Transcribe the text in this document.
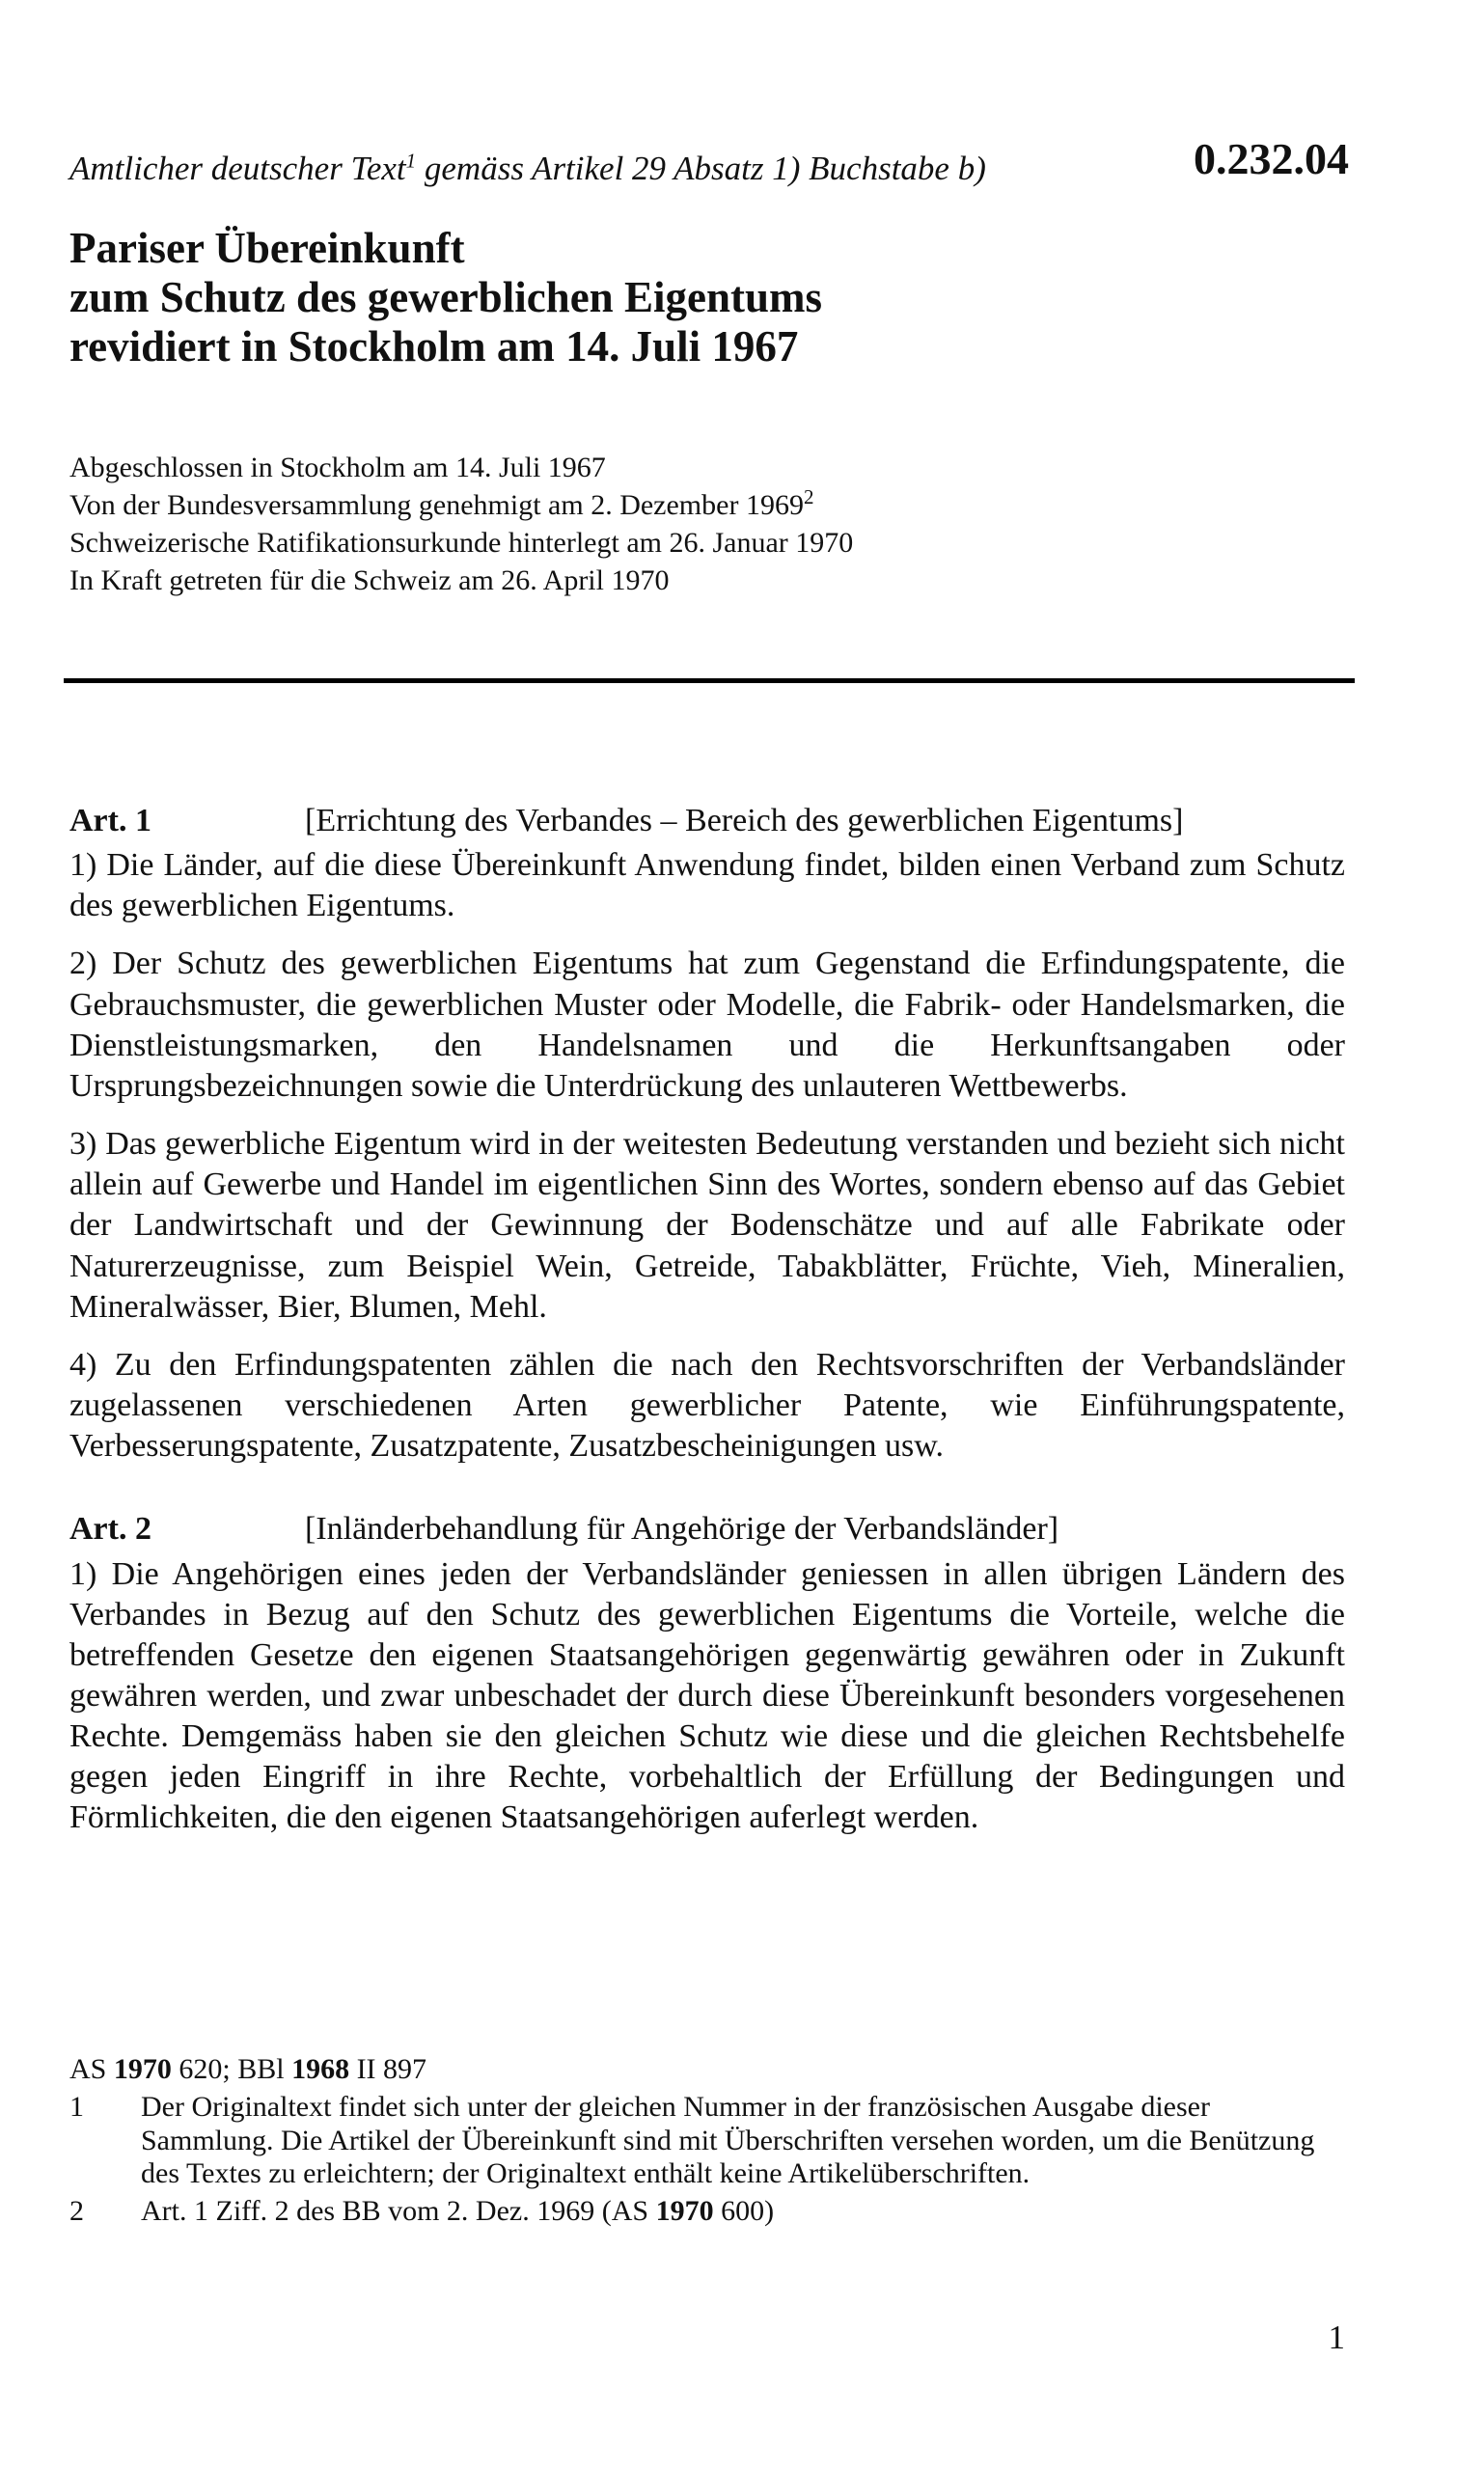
Amtlicher deutscher Text$^1$ gemäss Artikel 29 Absatz 1) Buchstabe b)	0.232.04
Pariser Übereinkunft
zum Schutz des gewerblichen Eigentums
revidiert in Stockholm am 14. Juli 1967
Abgeschlossen in Stockholm am 14. Juli 1967
Von der Bundesversammlung genehmigt am 2. Dezember 1969$^2$
Schweizerische Ratifikationsurkunde hinterlegt am 26. Januar 1970
In Kraft getreten für die Schweiz am 26. April 1970
Art. 1	[Errichtung des Verbandes – Bereich des gewerblichen Eigentums]
1) Die Länder, auf die diese Übereinkunft Anwendung findet, bilden einen Verband zum Schutz des gewerblichen Eigentums.
2) Der Schutz des gewerblichen Eigentums hat zum Gegenstand die Erfindungspatente, die Gebrauchsmuster, die gewerblichen Muster oder Modelle, die Fabrik- oder Handelsmarken, die Dienstleistungsmarken, den Handelsnamen und die Herkunftsangaben oder Ursprungsbezeichnungen sowie die Unterdrückung des unlauteren Wettbewerbs.
3) Das gewerbliche Eigentum wird in der weitesten Bedeutung verstanden und bezieht sich nicht allein auf Gewerbe und Handel im eigentlichen Sinn des Wortes, sondern ebenso auf das Gebiet der Landwirtschaft und der Gewinnung der Bodenschätze und auf alle Fabrikate oder Naturerzeugnisse, zum Beispiel Wein, Getreide, Tabakblätter, Früchte, Vieh, Mineralien, Mineralwässer, Bier, Blumen, Mehl.
4) Zu den Erfindungspatenten zählen die nach den Rechtsvorschriften der Verbandsländer zugelassenen verschiedenen Arten gewerblicher Patente, wie Einführungspatente, Verbesserungspatente, Zusatzpatente, Zusatzbescheinigungen usw.
Art. 2	[Inländerbehandlung für Angehörige der Verbandsländer]
1) Die Angehörigen eines jeden der Verbandsländer geniessen in allen übrigen Ländern des Verbandes in Bezug auf den Schutz des gewerblichen Eigentums die Vorteile, welche die betreffenden Gesetze den eigenen Staatsangehörigen gegenwärtig gewähren oder in Zukunft gewähren werden, und zwar unbeschadet der durch diese Übereinkunft besonders vorgesehenen Rechte. Demgemäss haben sie den gleichen Schutz wie diese und die gleichen Rechtsbehelfe gegen jeden Eingriff in ihre Rechte, vorbehaltlich der Erfüllung der Bedingungen und Förmlichkeiten, die den eigenen Staatsangehörigen auferlegt werden.
AS 1970 620; BBl 1968 II 897
1	Der Originaltext findet sich unter der gleichen Nummer in der französischen Ausgabe dieser Sammlung. Die Artikel der Übereinkunft sind mit Überschriften versehen worden, um die Benützung des Textes zu erleichtern; der Originaltext enthält keine Artikelüberschriften.
2	Art. 1 Ziff. 2 des BB vom 2. Dez. 1969 (AS 1970 600)
1
